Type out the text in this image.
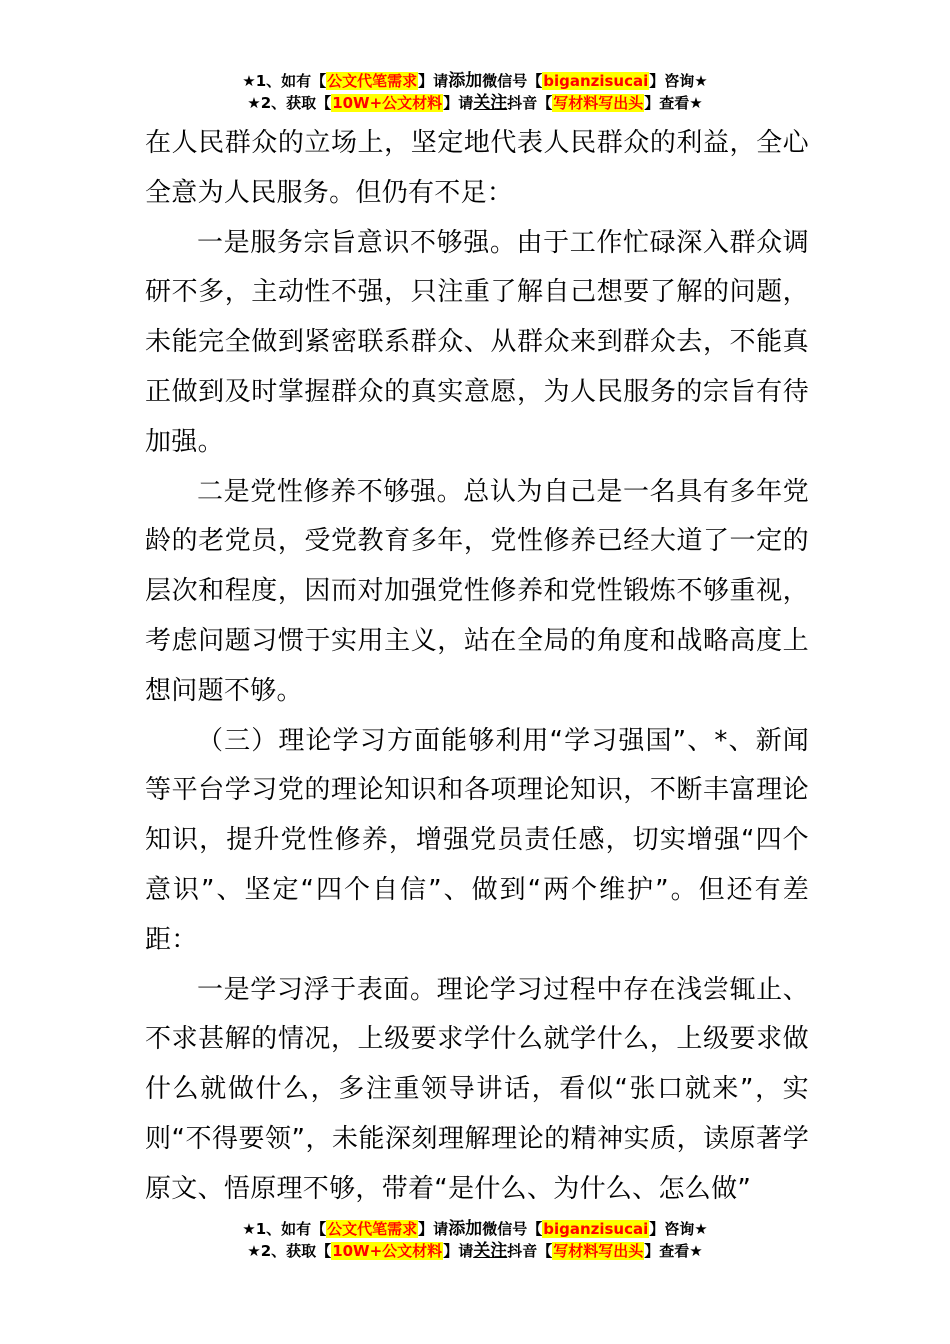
★1、如有【公文代笔需求】请添加微信号【biganzisucai】咨询★
★2、获取【10W+公文材料】请关注抖音【写材料写出头】查看★

在人民群众的立场上，坚定地代表人民群众的利益，全心全意为人民服务。但仍有不足：

一是服务宗旨意识不够强。由于工作忙碌深入群众调研不多，主动性不强，只注重了解自己想要了解的问题，未能完全做到紧密联系群众、从群众来到群众去，不能真正做到及时掌握群众的真实意愿，为人民服务的宗旨有待加强。

二是党性修养不够强。总认为自己是一名具有多年党龄的老党员，受党教育多年，党性修养已经大道了一定的层次和程度，因而对加强党性修养和党性锻炼不够重视，考虑问题习惯于实用主义，站在全局的角度和战略高度上想问题不够。

（三）理论学习方面能够利用“学习强国”、*、新闻等平台学习党的理论知识和各项理论知识，不断丰富理论知识，提升党性修养，增强党员责任感，切实增强“四个意识”、坚定“四个自信”、做到“两个维护”。但还有差距：

一是学习浮于表面。理论学习过程中存在浅尝辄止、不求甚解的情况，上级要求学什么就学什么，上级要求做什么就做什么，多注重领导讲话，看似“张口就来”，实则“不得要领”，未能深刻理解理论的精神实质，读原著学原文、悟原理不够，带着“是什么、为什么、怎么做”

★1、如有【公文代笔需求】请添加微信号【biganzisucai】咨询★
★2、获取【10W+公文材料】请关注抖音【写材料写出头】查看★
